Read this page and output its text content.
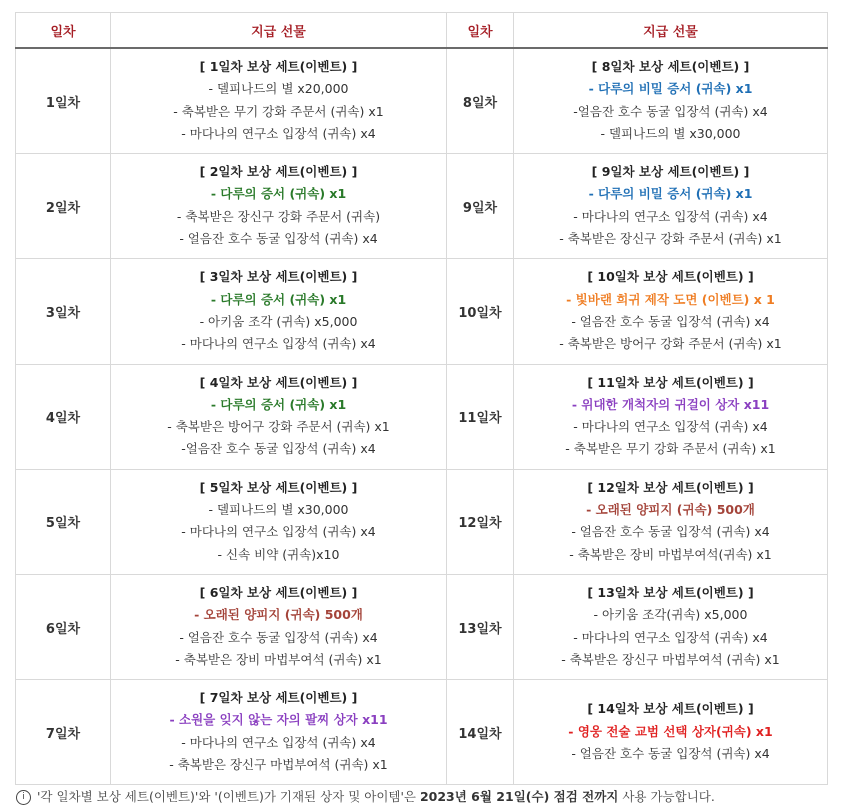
일차	지급 선물	일차	지급 선물
1일차	[ 1일차 보상 세트(이벤트) ]
- 델피나드의 별 x20,000
- 축복받은 무기 강화 주문서 (귀속) x1
- 마다나의 연구소 입장석 (귀속) x4	8일차	[ 8일차 보상 세트(이벤트) ]
- 다루의 비밀 증서 (귀속) x1
-얼음잔 호수 동굴 입장석 (귀속) x4
- 델피나드의 별 x30,000

2일차	[ 2일차 보상 세트(이벤트) ]
- 다루의 증서 (귀속) x1
- 축복받은 장신구 강화 주문서 (귀속)
- 얼음잔 호수 동굴 입장석 (귀속) x4	9일차	[ 9일차 보상 세트(이벤트) ]
- 다루의 비밀 증서 (귀속) x1
- 마다나의 연구소 입장석 (귀속) x4
- 축복받은 장신구 강화 주문서 (귀속) x1

3일차	[ 3일차 보상 세트(이벤트) ]
- 다루의 증서 (귀속) x1
- 아키움 조각 (귀속) x5,000
- 마다나의 연구소 입장석 (귀속) x4	10일차	[ 10일차 보상 세트(이벤트) ]
- 빛바랜 희귀 제작 도면 (이벤트) x 1
- 얼음잔 호수 동굴 입장석 (귀속) x4
- 축복받은 방어구 강화 주문서 (귀속) x1

4일차	[ 4일차 보상 세트(이벤트) ]
- 다루의 증서 (귀속) x1
- 축복받은 방어구 강화 주문서 (귀속) x1
-얼음잔 호수 동굴 입장석 (귀속) x4	11일차	[ 11일차 보상 세트(이벤트) ]
- 위대한 개척자의 귀걸이 상자 x11
- 마다나의 연구소 입장석 (귀속) x4
- 축복받은 무기 강화 주문서 (귀속) x1

5일차	[ 5일차 보상 세트(이벤트) ]
- 델피나드의 별 x30,000
- 마다나의 연구소 입장석 (귀속) x4
- 신속 비약 (귀속)x10	12일차	[ 12일차 보상 세트(이벤트) ]
- 오래된 양피지 (귀속) 500개
- 얼음잔 호수 동굴 입장석 (귀속) x4
- 축복받은 장비 마법부여석(귀속) x1

6일차	[ 6일차 보상 세트(이벤트) ]
- 오래된 양피지 (귀속) 500개
- 얼음잔 호수 동굴 입장석 (귀속) x4
- 축복받은 장비 마법부여석 (귀속) x1	13일차	[ 13일차 보상 세트(이벤트) ]
- 아키움 조각(귀속) x5,000
- 마다나의 연구소 입장석 (귀속) x4
- 축복받은 장신구 마법부여석 (귀속) x1

7일차	[ 7일차 보상 세트(이벤트) ]
- 소원을 잊지 않는 자의 팔찌 상자 x11
- 마다나의 연구소 입장석 (귀속) x4
- 축복받은 장신구 마법부여석 (귀속) x1	14일차	[ 14일차 보상 세트(이벤트) ]
- 영웅 전술 교범 선택 상자(귀속) x1
- 얼음잔 호수 동굴 입장석 (귀속) x4
i '각 일차별 보상 세트(이벤트)'와 '(이벤트)가 기재된 상자 및 아이템'은 2023년 6월 21일(수) 점검 전까지 사용 가능합니다.
